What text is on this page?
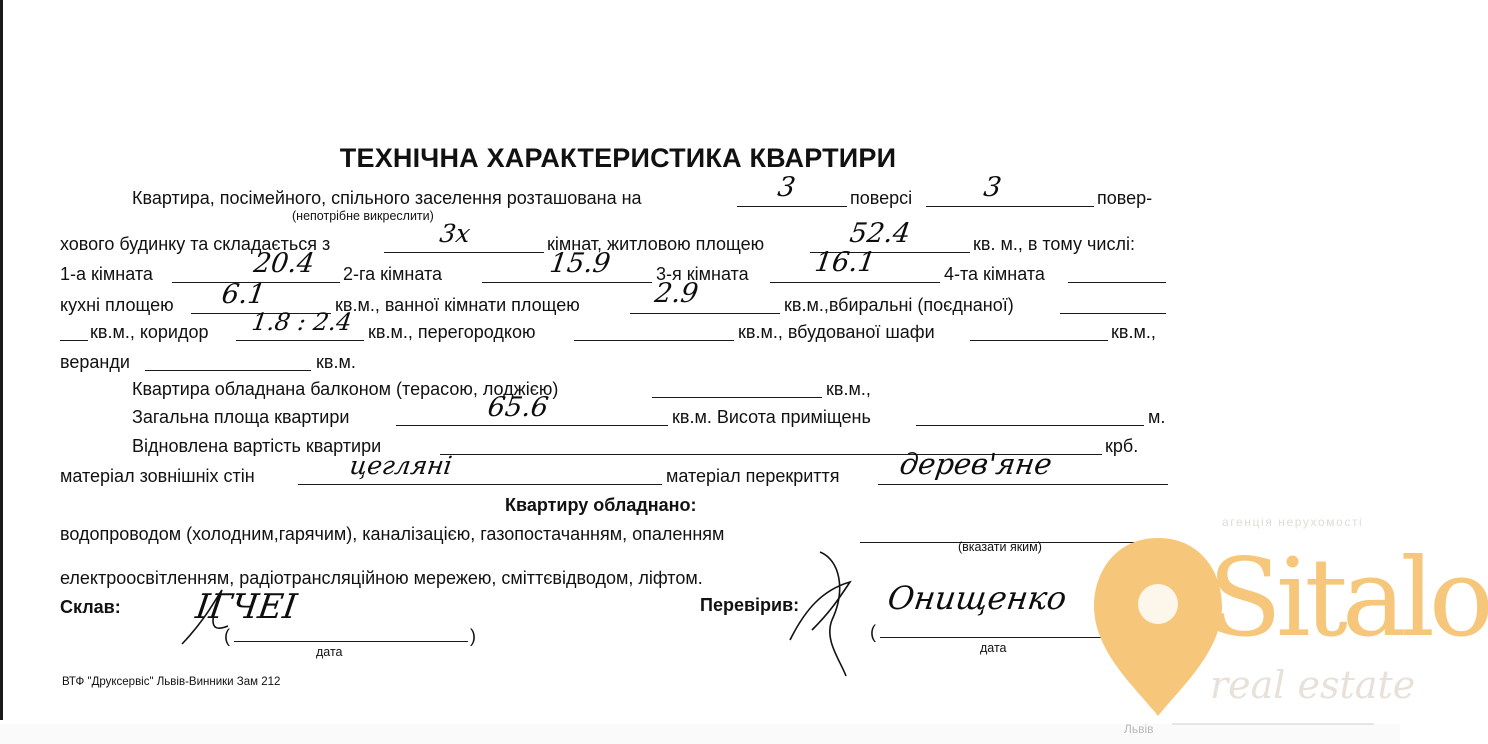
ТЕХНІЧНА ХАРАКТЕРИСТИКА КВАРТИРИ
Квартира, посімейного, спільного заселення розташована на	3	поверсі	3	повер-
(непотрібне викреслити)
хового будинку та складається з	3х	кімнат, житловою площею	52.4	кв. м., в тому числі:
1-а кімната	20.4 2-га кімната	15.9 3-я кімната 16.1	4-та кімната
кухні площею 6.1	кв.м., ванної кімнати площею	2.9	кв.м.,вбиральні (поєднаної)
кв.м., коридор 1.8 : 2.4 кв.м., перегородкою	кв.м., вбудованої шафи	кв.м.,
веранди	кв.м.
Квартира обладнана балконом (терасою, лоджією)	кв.м.,
Загальна площа квартири	65.6	кв.м. Висота приміщень	м.
Відновлена вартість квартири	крб.
матеріал зовнішніх стін	цегляні	матеріал перекриття дерев'яне
Квартиру обладнано:
водопроводом (холодним,гарячим), каналізацією, газопостачанням, опаленням
(вказати яким)
електроосвітленням, радіотрансляційною мережею, сміттєвідводом, ліфтом.
Склав: ІГЧЕІ
(	)
дата
Перевірив:	Онищенко
(
дата
ВТФ "Друксервіс" Львів-Винники Зам 212
агенція нерухомості
Sitalo
real estate
Львів
